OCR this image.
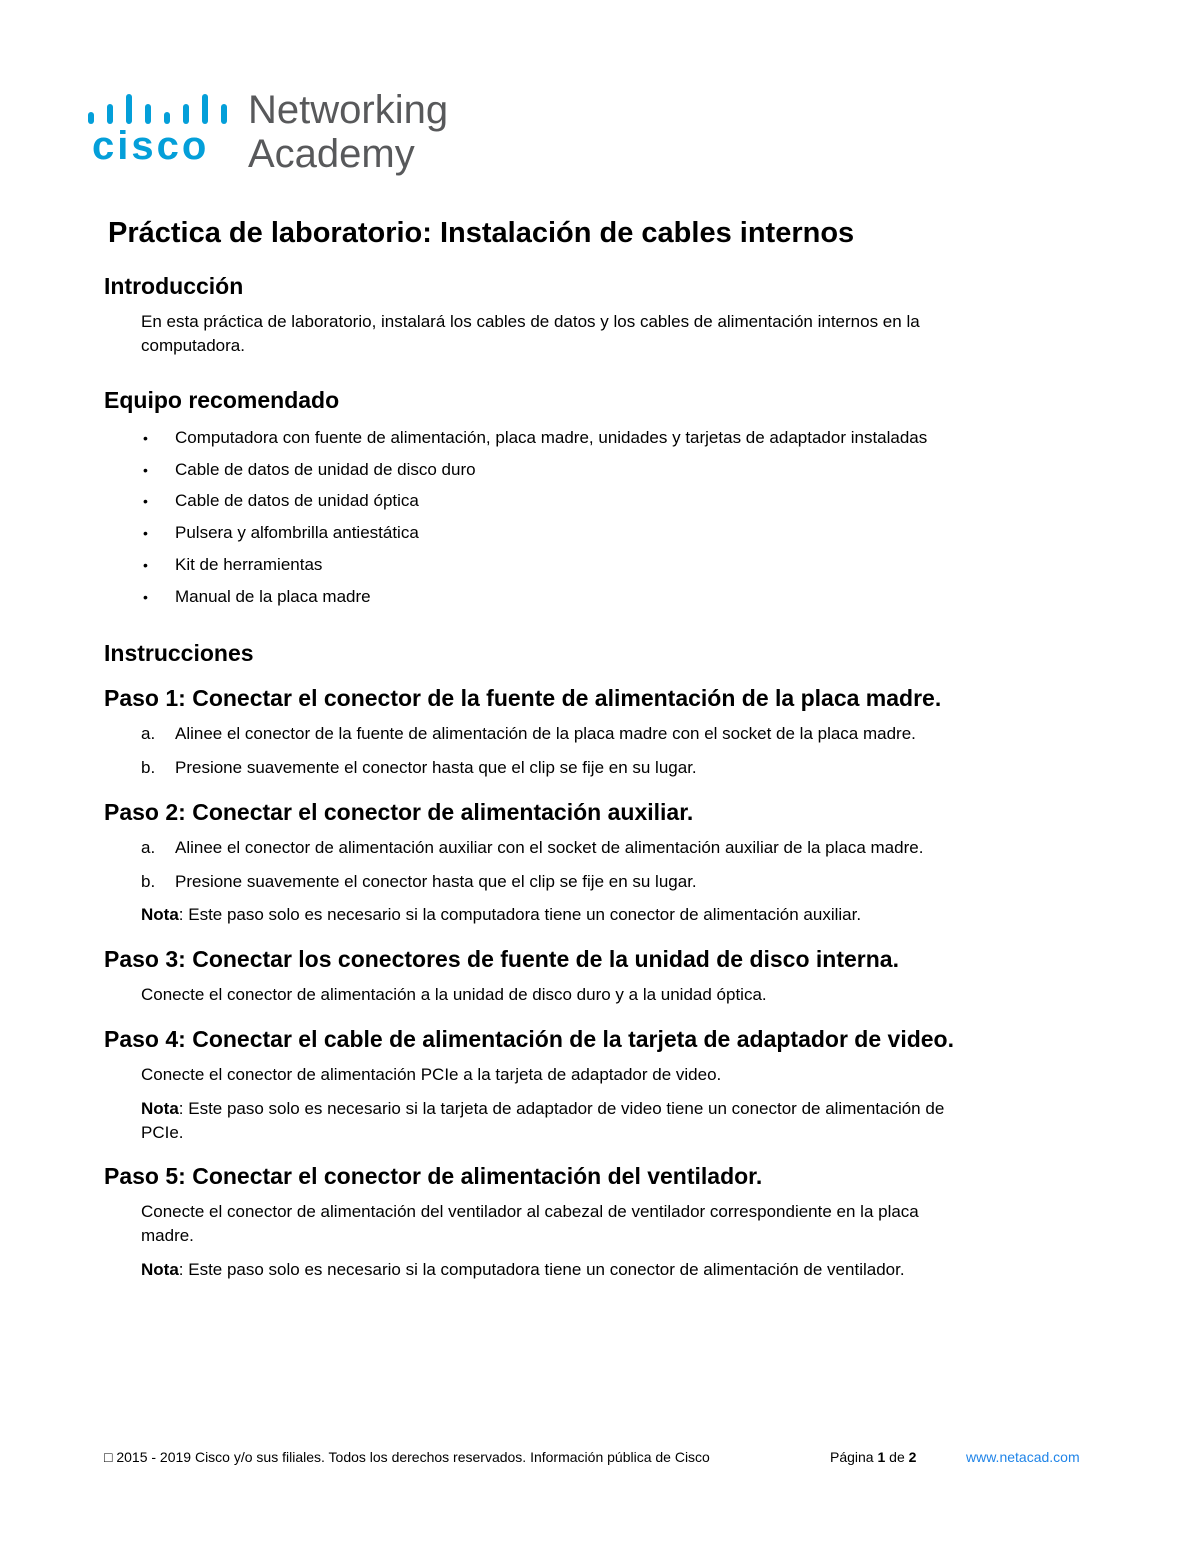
cisco
Networking
Academy
Práctica de laboratorio: Instalación de cables internos
Introducción
En esta práctica de laboratorio, instalará los cables de datos y los cables de alimentación internos en la
computadora.
Equipo recomendado
• Computadora con fuente de alimentación, placa madre, unidades y tarjetas de adaptador instaladas
• Cable de datos de unidad de disco duro
• Cable de datos de unidad óptica
• Pulsera y alfombrilla antiestática
• Kit de herramientas
• Manual de la placa madre
Instrucciones
Paso 1: Conectar el conector de la fuente de alimentación de la placa madre.
a. Alinee el conector de la fuente de alimentación de la placa madre con el socket de la placa madre.
b. Presione suavemente el conector hasta que el clip se fije en su lugar.
Paso 2: Conectar el conector de alimentación auxiliar.
a. Alinee el conector de alimentación auxiliar con el socket de alimentación auxiliar de la placa madre.
b. Presione suavemente el conector hasta que el clip se fije en su lugar.
Nota: Este paso solo es necesario si la computadora tiene un conector de alimentación auxiliar.
Paso 3: Conectar los conectores de fuente de la unidad de disco interna.
Conecte el conector de alimentación a la unidad de disco duro y a la unidad óptica.
Paso 4: Conectar el cable de alimentación de la tarjeta de adaptador de video.
Conecte el conector de alimentación PCIe a la tarjeta de adaptador de video.
Nota: Este paso solo es necesario si la tarjeta de adaptador de video tiene un conector de alimentación de
PCIe.
Paso 5: Conectar el conector de alimentación del ventilador.
Conecte el conector de alimentación del ventilador al cabezal de ventilador correspondiente en la placa
madre.
Nota: Este paso solo es necesario si la computadora tiene un conector de alimentación de ventilador.
□ 2015 - 2019 Cisco y/o sus filiales. Todos los derechos reservados. Información pública de Cisco	Página 1 de 2	www.netacad.com
